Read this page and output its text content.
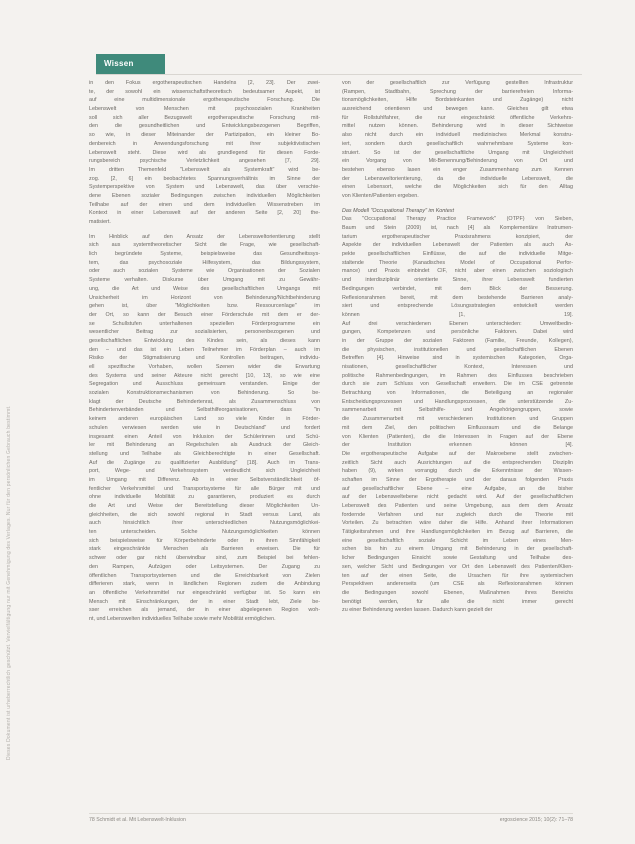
Dieses Dokument ist urheberrechtlich geschützt. Vervielfältigung nur mit Genehmigung des Verlages. Nur für den persönlichen Gebrauch bestimmt.
Wissen
in den Fokus ergotherapeutischen Handelns [2, 23]. Der zwei-
te, der sowohl ein wissenschaftstheoretisch bedeutsamer Aspekt, ist
auf eine multidimensionale ergotherapeutische Forschung. Die
Lebenswelt von Menschen mit psychosozialen Krankheiten
soll sich aller Bezugswelt ergotherapeutische Forschung mit-
den die gesundheitlichen und Entwicklungsbezogenen Begriffen,
so wie, in dieser Miteinander der Partizipation, ein kleiner Bo-
denbereich in Anwendungsforschung mit ihrer subjektivistischen
Lebenswelt steht. Diese wird als grundlegend für diesen Forde-
rungsbereich psychische Verletzlichkeit angesehen [7, 29].
Im dritten Themenfeld "Lebenswelt als Systemkraft" wird be-
zog. [2, 6] ein beobachtetes Spannungsverhältnis im Sinne der
Systemperspektive von System und Lebenswelt, das über verschie-
dene Ebenen sozialer Bedingungen zwischen individuellen Möglichkeiten
Teilhabe auf der einen und dem individuellen Wissenstreben im
Kontext in einer Lebenswelt auf der anderen Seite [2, 20] the-
matisiert.
Im Hinblick auf den Ansatz der Lebensweltorientierung stellt
sich aus systemtheoretischer Sicht die Frage, wie gesellschaft-
lich begründete Systeme, beispielsweise das Gesundheitssys-
tem, das psychosoziale Hilfesystem, das Bildungssystem,
oder auch sozialen Systeme wie Organisationen der Sozialen
Systeme verhalten. Diskurse über Umgang mit zu Gewähr-
ung, die Art und Weise des gesellschaftlichen Umgangs mit
Unsicherheit im Horizont von Behinderung/Nichtbehinderung
gehen ist, über "Möglichkeiten bzw. Ressourcenlage" im
der Ort, so kann der Besuch einer Förderschule mit dem er der-
se Schullstufen unterhaltenen speziellen Förderprogramme ein
wesentlicher Beitrag zur sozialisierten, personenbezogenen und
gesellschaftlichen Entwicklung des Kindes sein, als dieses kann
den – und das ist ein Leben Teilnehmer im Förderplan – auch im
Risiko der Stigmatisierung und Kontrollen beitragen, individu-
ell spezifische Vorhaben, wollen Szenen wider die Erwartung
des Systems und seiner Akteure nicht gerecht [10, 13], so wie eine
Segregation und Ausschluss gemeinsam verstanden. Einige der
sozialen Konstruktionsmechanismen von Behinderung. So be-
klagt der Deutsche Behindertenrat, als Zusammenschluss von
Behindertenverbänden und Selbsthilfeorganisationen, dass "in
keinem anderen europäischen Land so viele Kinder in Förder-
schulen verwiesen werden wie in Deutschland" und fordert
insgesamt einen Anteil von Inklusion der Schülerinnen und Schü-
ler mit Behinderung an Regelschulen als Ausdruck der Gleich-
stellung und Teilhabe als Gleichberechtigte in einer Gesellschaft.
Auf die Zugänge zu qualifizierter Ausbildung" [18]. Auch im Trans-
port, Wege- und Verkehrssystem verdeutlicht sich Ungleichheit
im Umgang mit Differenz. Ab in einer Selbstverständlichkeit öf-
fentlicher Verkehrsmittel und Transportsysteme für alle Bürger mit und
ohne individuelle Mobilität zu garantieren, produziert es durch
die Art und Weise der Bereitstellung dieser Möglichkeiten Un-
gleichheiten, die sich sowohl regional in Stadt versus Land, als
auch hinsichtlich ihrer unterschiedlichen Nutzungsmöglichkei-
ten unterscheiden. Solche Nutzungsmöglichkeiten können
sich beispielsweise für Körperbehinderte oder in ihren Sinnfähigkeit
stark eingeschränkte Menschen als Barrieren erweisen. Die für
schwer oder gar nicht überwindbar sind, zum Beispiel bei fehlen-
den Rampen, Aufzügen oder Leitsystemen. Der Zugang zu
öffentlichen Transportsystemen und die Erreichbarkeit von Zielen
differieren stark, wenn in ländlichen Regionen zudem die Anbindung
an öffentliche Verkehrsmittel nur eingeschränkt verfügbar ist. So kann ein
Mensch mit Einschränkungen, der in einer Stadt lebt, Ziele be-
sser erreichen als jemand, der in einer abgelegenen Region woh-
nt, und Lebenswelten individuelles Teilhabe sowie mehr Mobilität ermöglichen.
von der gesellschaftlich zur Verfügung gestellten Infrastruktur
(Rampen, Stadtbahn, Sprechung der barrierefreien Informa-
tionsmöglichkeiten, Hilfe Bordsteinkanten und Zugänge) nicht
ausreichend orientieren und bewegen kann. Gleiches gilt etwa
für Rollstuhlfahrer, die nur eingeschränkt öffentliche Verkehrs-
mittel nutzen können. Behinderung wird in dieser Sichtweise
also nicht durch ein individuell medizinisches Merkmal konstru-
iert, sondern durch gesellschaftlich wahrnehmbare Systeme kon-
struiert. So ist der gesellschaftliche Umgang mit Ungleichheit
ein Vorgang von Mit-Benennung/Behinderung von Ort und
bestehen ebenso lasen ein enger Zusammenhang zum Kennen
der Lebensweltorientierung, da die individuelle Lebenswelt, die
einen Lebensort, welche die Möglichkeiten sich für den Alltag
von Klienten/Patienten ergeben.
Das Modell "Occupational Therapy" im Kontext
Das "Occupational Therapy Practice Framework" (OTPF) von Sieben,
Baum und Stein (2009) ist, nach [4] als Komplementäre Instrumen-
tarium ergotherapeutischer Praxisrahmens konzipiert, der
Aspekte der individuellen Lebenswelt der Patienten als auch As-
pekte gesellschaftlichen Einflüsse, die auf die individuelle Mitge-
staltende Theorie (Kanadisches Model of Occupational Perfor-
mance) und Praxis einbindet CIF, nicht aber einen zwischen soziologisch
und interdisziplinär orientierte Sinne, ihrer Lebenswelt fundierten
Bedingungen verbindet, mit dem Blick der Besserung.
Reflexionsrahmen bereit, mit dem bestehende Barrieren analy-
siert und entsprechende Lösungsstrategien entwickelt werden
können [1, 19].
Auf drei verschiedenen Ebenen unterschieden: Umweltbedin-
gungen, Kompetenzen und persönliche Faktoren. Dabei wird
in der Gruppe der sozialen Faktoren (Familie, Freunde, Kollegen),
die physischen, institutionellen und gesellschaftlichen Ebenen
Betreffen [4]. Hinweise sind in systemischen Kategorien, Orga-
nisationen, gesellschaftlicher Kontext, Interessen und
politische Rahmenbedingungen, im Rahmen des Einflusses beschrieben
durch sie zum Schluss von Gesellschaft erweitern. Die im CSE getrennte
Betrachtung von Informationen, die Beteiligung an regionaler
Entscheidungsprozessen und Handlungsprozessen, die unterstützende Zu-
sammenarbeit mit Selbsthilfe- und Angehörigengruppen, sowie
die Zusammenarbeit mit verschiedenen Institutionen und Gruppen
mit dem Ziel, den politischen Einflussraum und die Belange
von Klienten (Patienten), die die Interessen in Fragen auf der Ebene
der Institution erkennen können [4].
Die ergotherapeutische Aufgabe auf der Makroebene stellt zwischen-
zeitlich Sicht auch Ausrichtungen auf die entsprechenden Disziplin
haben (9), wirken vorrangig durch die Erkenntnisse der Wissen-
schaften im Sinne der Ergotherapie und der daraus folgenden Praxis
auf gesellschaftlicher Ebene – eine Aufgabe, an die bisher
auf der Lebensweltebene nicht gedacht wird. Auf der gesellschaftlichen
Lebenswelt des Patienten und seine Umgebung, aus dem dem Ansatz
fordernde Verfahren und nur zugleich durch die Theorie mit
Vorteilen. Zu betrachten wäre daher die Hilfe. Anhand ihrer Informationen
Tätigkeitsrahmen und ihre Handlungsmöglichkeiten im Bezug auf Barrieren, die
eine gesellschaftlich soziale Schicht im Leben eines Men-
schen bis hin zu einem Umgang mit Behinderung in der gesellschaft-
licher Bedingungen Einsicht sowie Gestaltung und Teilhabe des-
sen, welcher Sicht und Bedingungen vor Ort den Lebenswelt des Patienten/Klien-
ten auf der einen Seite, die Ursachen für ihre systemischen
Perspektiven andererseits (um CSE als Reflexionsrahmen können
die Bedingungen sowohl Ebenen, Maßnahmen ihres Bereichs
benötigt werden, für alle die nicht immer gerecht
zu einer Behinderung werden lassen. Dadurch kann gezielt der
78 Schmidt et al. Mit Lebenswelt-Inklusion	ergoscience 2015; 10(2): 71–78
